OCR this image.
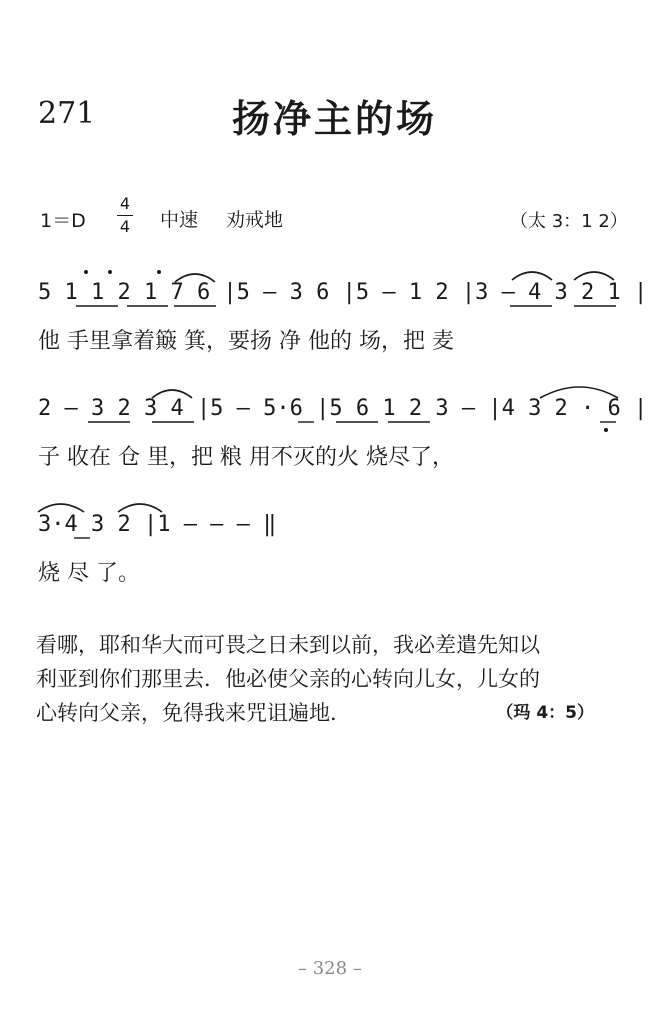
271	扬净主的场
1＝D
4
4 中速 劝戒地	（太 3：1 2）
5 1 1 2 1 7 6 |5 – 3 6 |5 – 1 2 |3 – 4 3 2 1 |
他 手里拿着簸 箕，要扬 净 他的 场，把 麦
2 – 3 2 3 4 |5 – 5·6 |5 6 1 2 3 – |4 3 2 · 6 |
子 收在 仓 里，把 粮 用不灭的火 烧尽了，
3·4 3 2 |1 – – – ‖
烧 尽 了。
看哪，耶和华大而可畏之日未到以前，我必差遣先知以
利亚到你们那里去．他必使父亲的心转向儿女，儿女的
心转向父亲，免得我来咒诅遍地．	（玛 4：5）
– 328 –
